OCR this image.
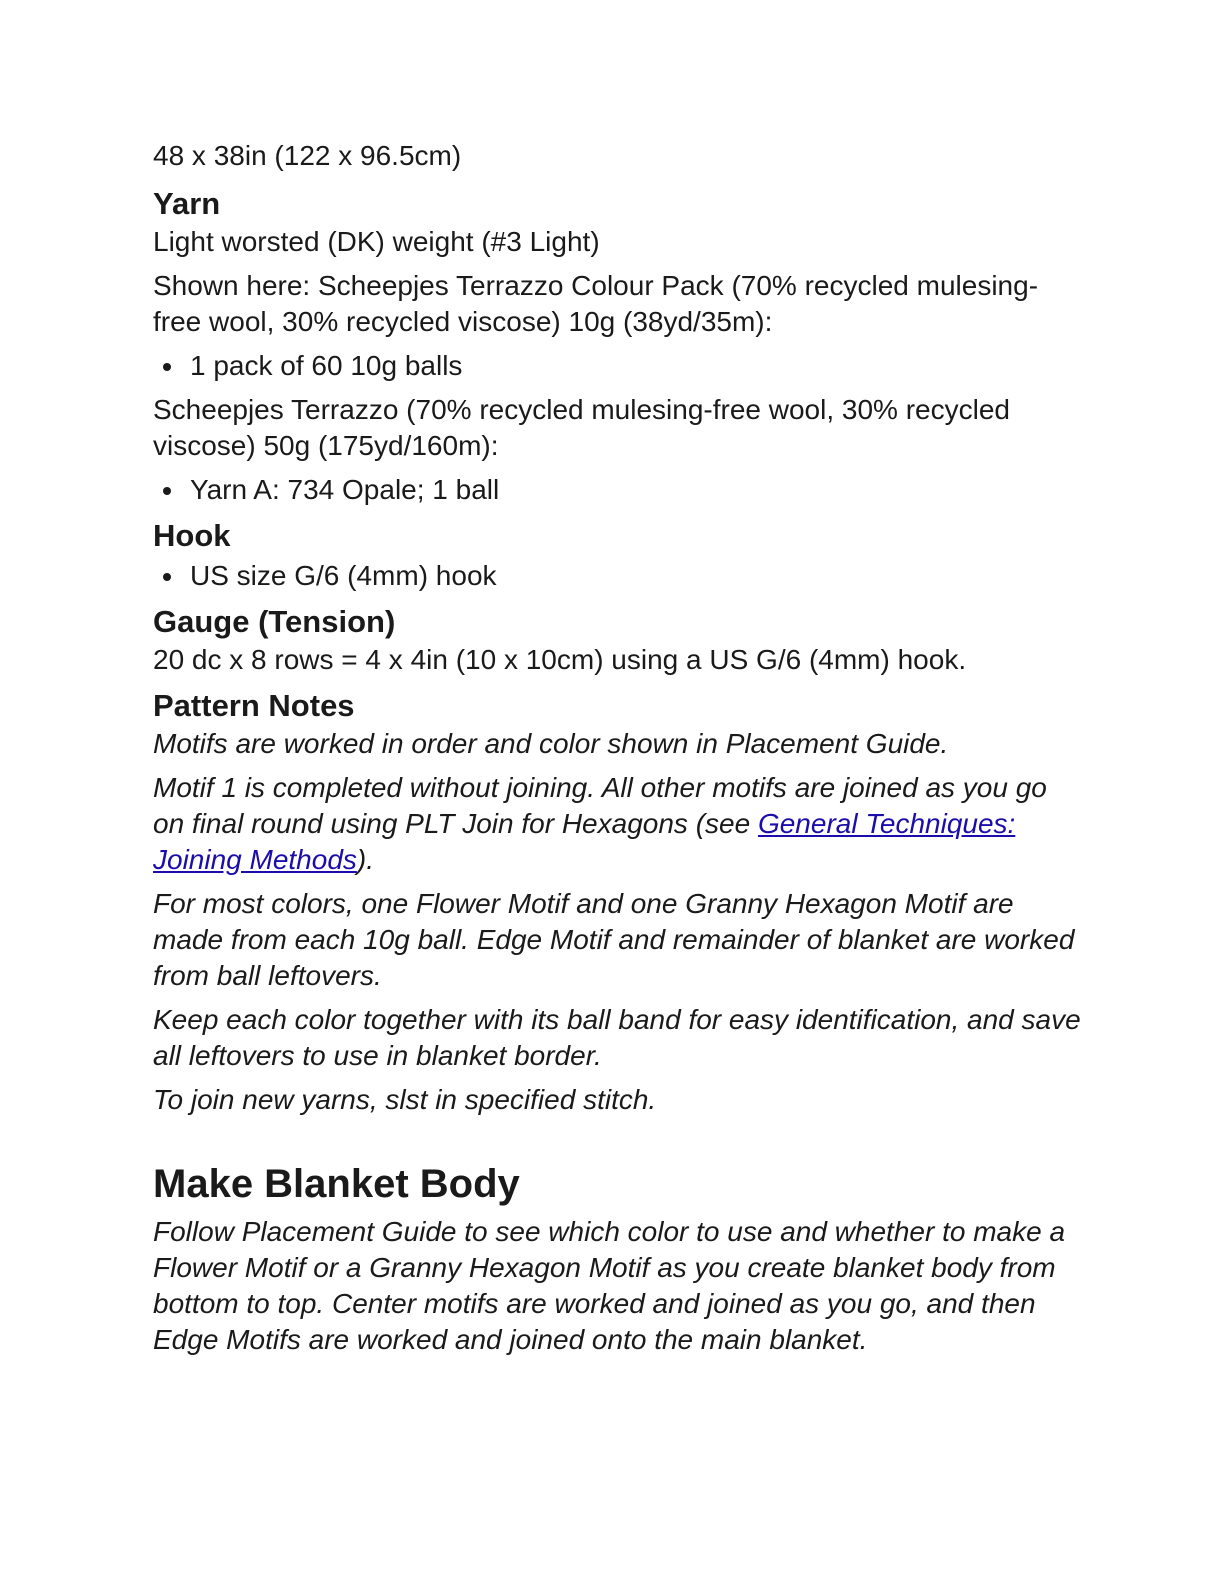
48 x 38in (122 x 96.5cm)

Yarn

Light worsted (DK) weight (#3 Light)

Shown here: Scheepjes Terrazzo Colour Pack (70% recycled mulesing-free wool, 30% recycled viscose) 10g (38yd/35m):

1 pack of 60 10g balls

Scheepjes Terrazzo (70% recycled mulesing-free wool, 30% recycled viscose) 50g (175yd/160m):

Yarn A: 734 Opale; 1 ball
Hook
US size G/6 (4mm) hook
Gauge (Tension)

20 dc x 8 rows = 4 x 4in (10 x 10cm) using a US G/6 (4mm) hook.

Pattern Notes

Motifs are worked in order and color shown in Placement Guide.

Motif 1 is completed without joining. All other motifs are joined as you go on final round using PLT Join for Hexagons (see General Techniques: Joining Methods).

For most colors, one Flower Motif and one Granny Hexagon Motif are made from each 10g ball. Edge Motif and remainder of blanket are worked from ball leftovers.

Keep each color together with its ball band for easy identification, and save all leftovers to use in blanket border.

To join new yarns, slst in specified stitch.

Make Blanket Body

Follow Placement Guide to see which color to use and whether to make a Flower Motif or a Granny Hexagon Motif as you create blanket body from bottom to top. Center motifs are worked and joined as you go, and then Edge Motifs are worked and joined onto the main blanket.
